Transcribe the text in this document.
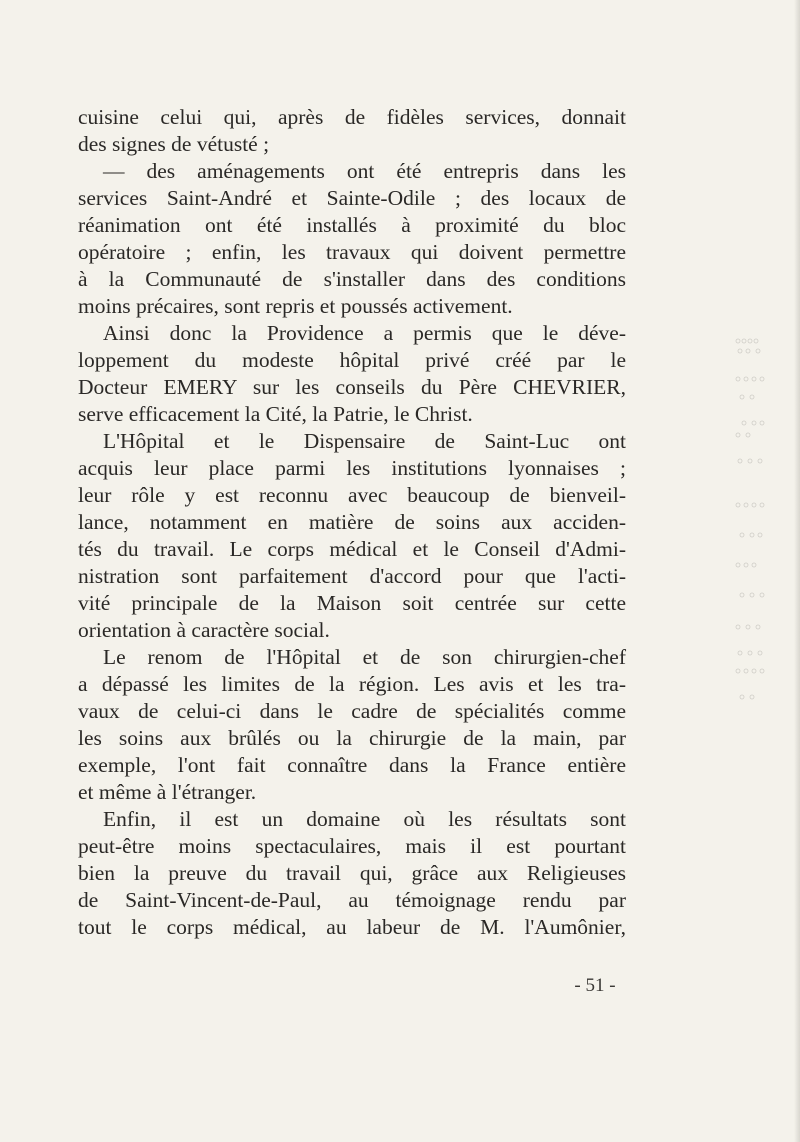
cuisine celui qui, après de fidèles services, donnait
des signes de vétusté ;
— des aménagements ont été entrepris dans les
services Saint-André et Sainte-Odile ; des locaux de
réanimation ont été installés à proximité du bloc
opératoire ; enfin, les travaux qui doivent permettre
à la Communauté de s'installer dans des conditions
moins précaires, sont repris et poussés activement.
Ainsi donc la Providence a permis que le déve-
loppement du modeste hôpital privé créé par le
Docteur EMERY sur les conseils du Père CHEVRIER,
serve efficacement la Cité, la Patrie, le Christ.
L'Hôpital et le Dispensaire de Saint-Luc ont
acquis leur place parmi les institutions lyonnaises ;
leur rôle y est reconnu avec beaucoup de bienveil-
lance, notamment en matière de soins aux acciden-
tés du travail. Le corps médical et le Conseil d'Admi-
nistration sont parfaitement d'accord pour que l'acti-
vité principale de la Maison soit centrée sur cette
orientation à caractère social.
Le renom de l'Hôpital et de son chirurgien-chef
a dépassé les limites de la région. Les avis et les tra-
vaux de celui-ci dans le cadre de spécialités comme
les soins aux brûlés ou la chirurgie de la main, par
exemple, l'ont fait connaître dans la France entière
et même à l'étranger.
Enfin, il est un domaine où les résultats sont
peut-être moins spectaculaires, mais il est pourtant
bien la preuve du travail qui, grâce aux Religieuses
de Saint-Vincent-de-Paul, au témoignage rendu par
tout le corps médical, au labeur de M. l'Aumônier,
- 51 -
